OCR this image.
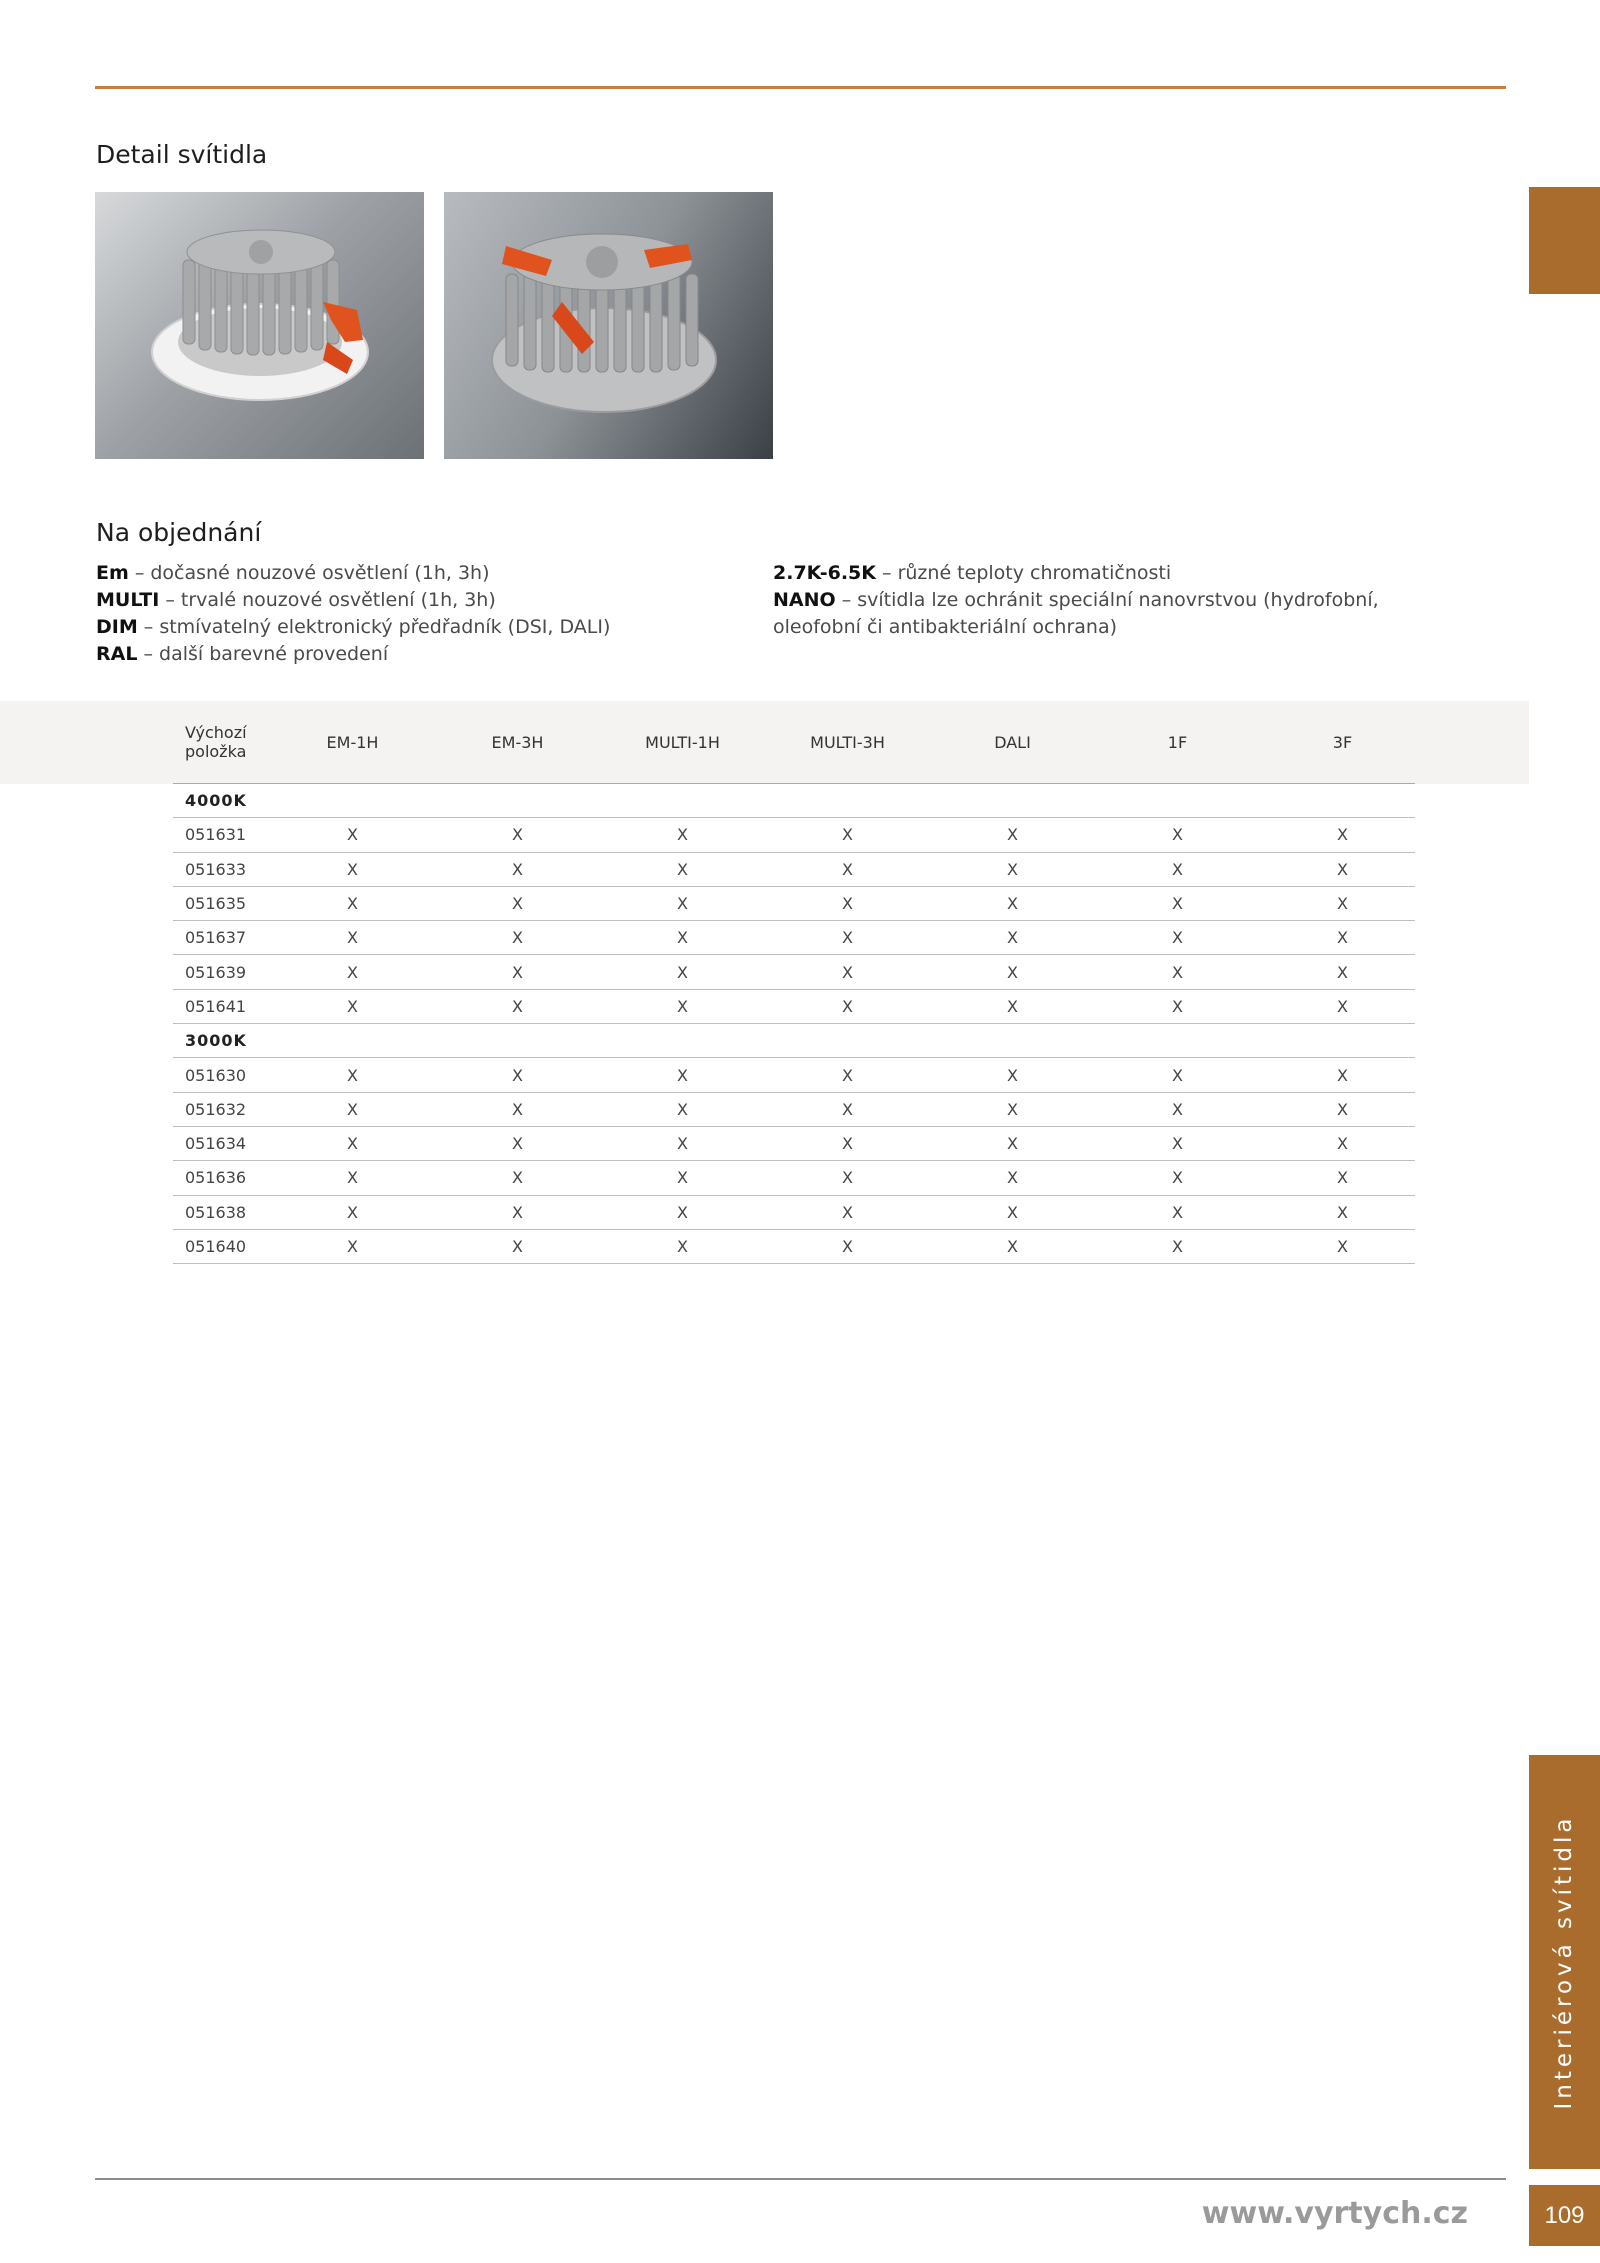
Detail svítidla
Na objednání
Em – dočasné nouzové osvětlení (1h, 3h)
MULTI – trvalé nouzové osvětlení (1h, 3h)
DIM – stmívatelný elektronický předřadník (DSI, DALI)
RAL – další barevné provedení
2.7K-6.5K – různé teploty chromatičnosti
NANO – svítidla lze ochránit speciální nanovrstvou (hydrofobní, oleofobní či antibakteriální ochrana)
Výchozí
položka	EM-1H	EM-3H	MULTI-1H	MULTI-3H	DALI	1F	3F
4000K
051631	X	X	X	X	X	X	X
051633	X	X	X	X	X	X	X
051635	X	X	X	X	X	X	X
051637	X	X	X	X	X	X	X
051639	X	X	X	X	X	X	X
051641	X	X	X	X	X	X	X
3000K
051630	X	X	X	X	X	X	X
051632	X	X	X	X	X	X	X
051634	X	X	X	X	X	X	X
051636	X	X	X	X	X	X	X
051638	X	X	X	X	X	X	X
051640	X	X	X	X	X	X	X
Interiérová svítidla
www.vyrtych.cz	109
